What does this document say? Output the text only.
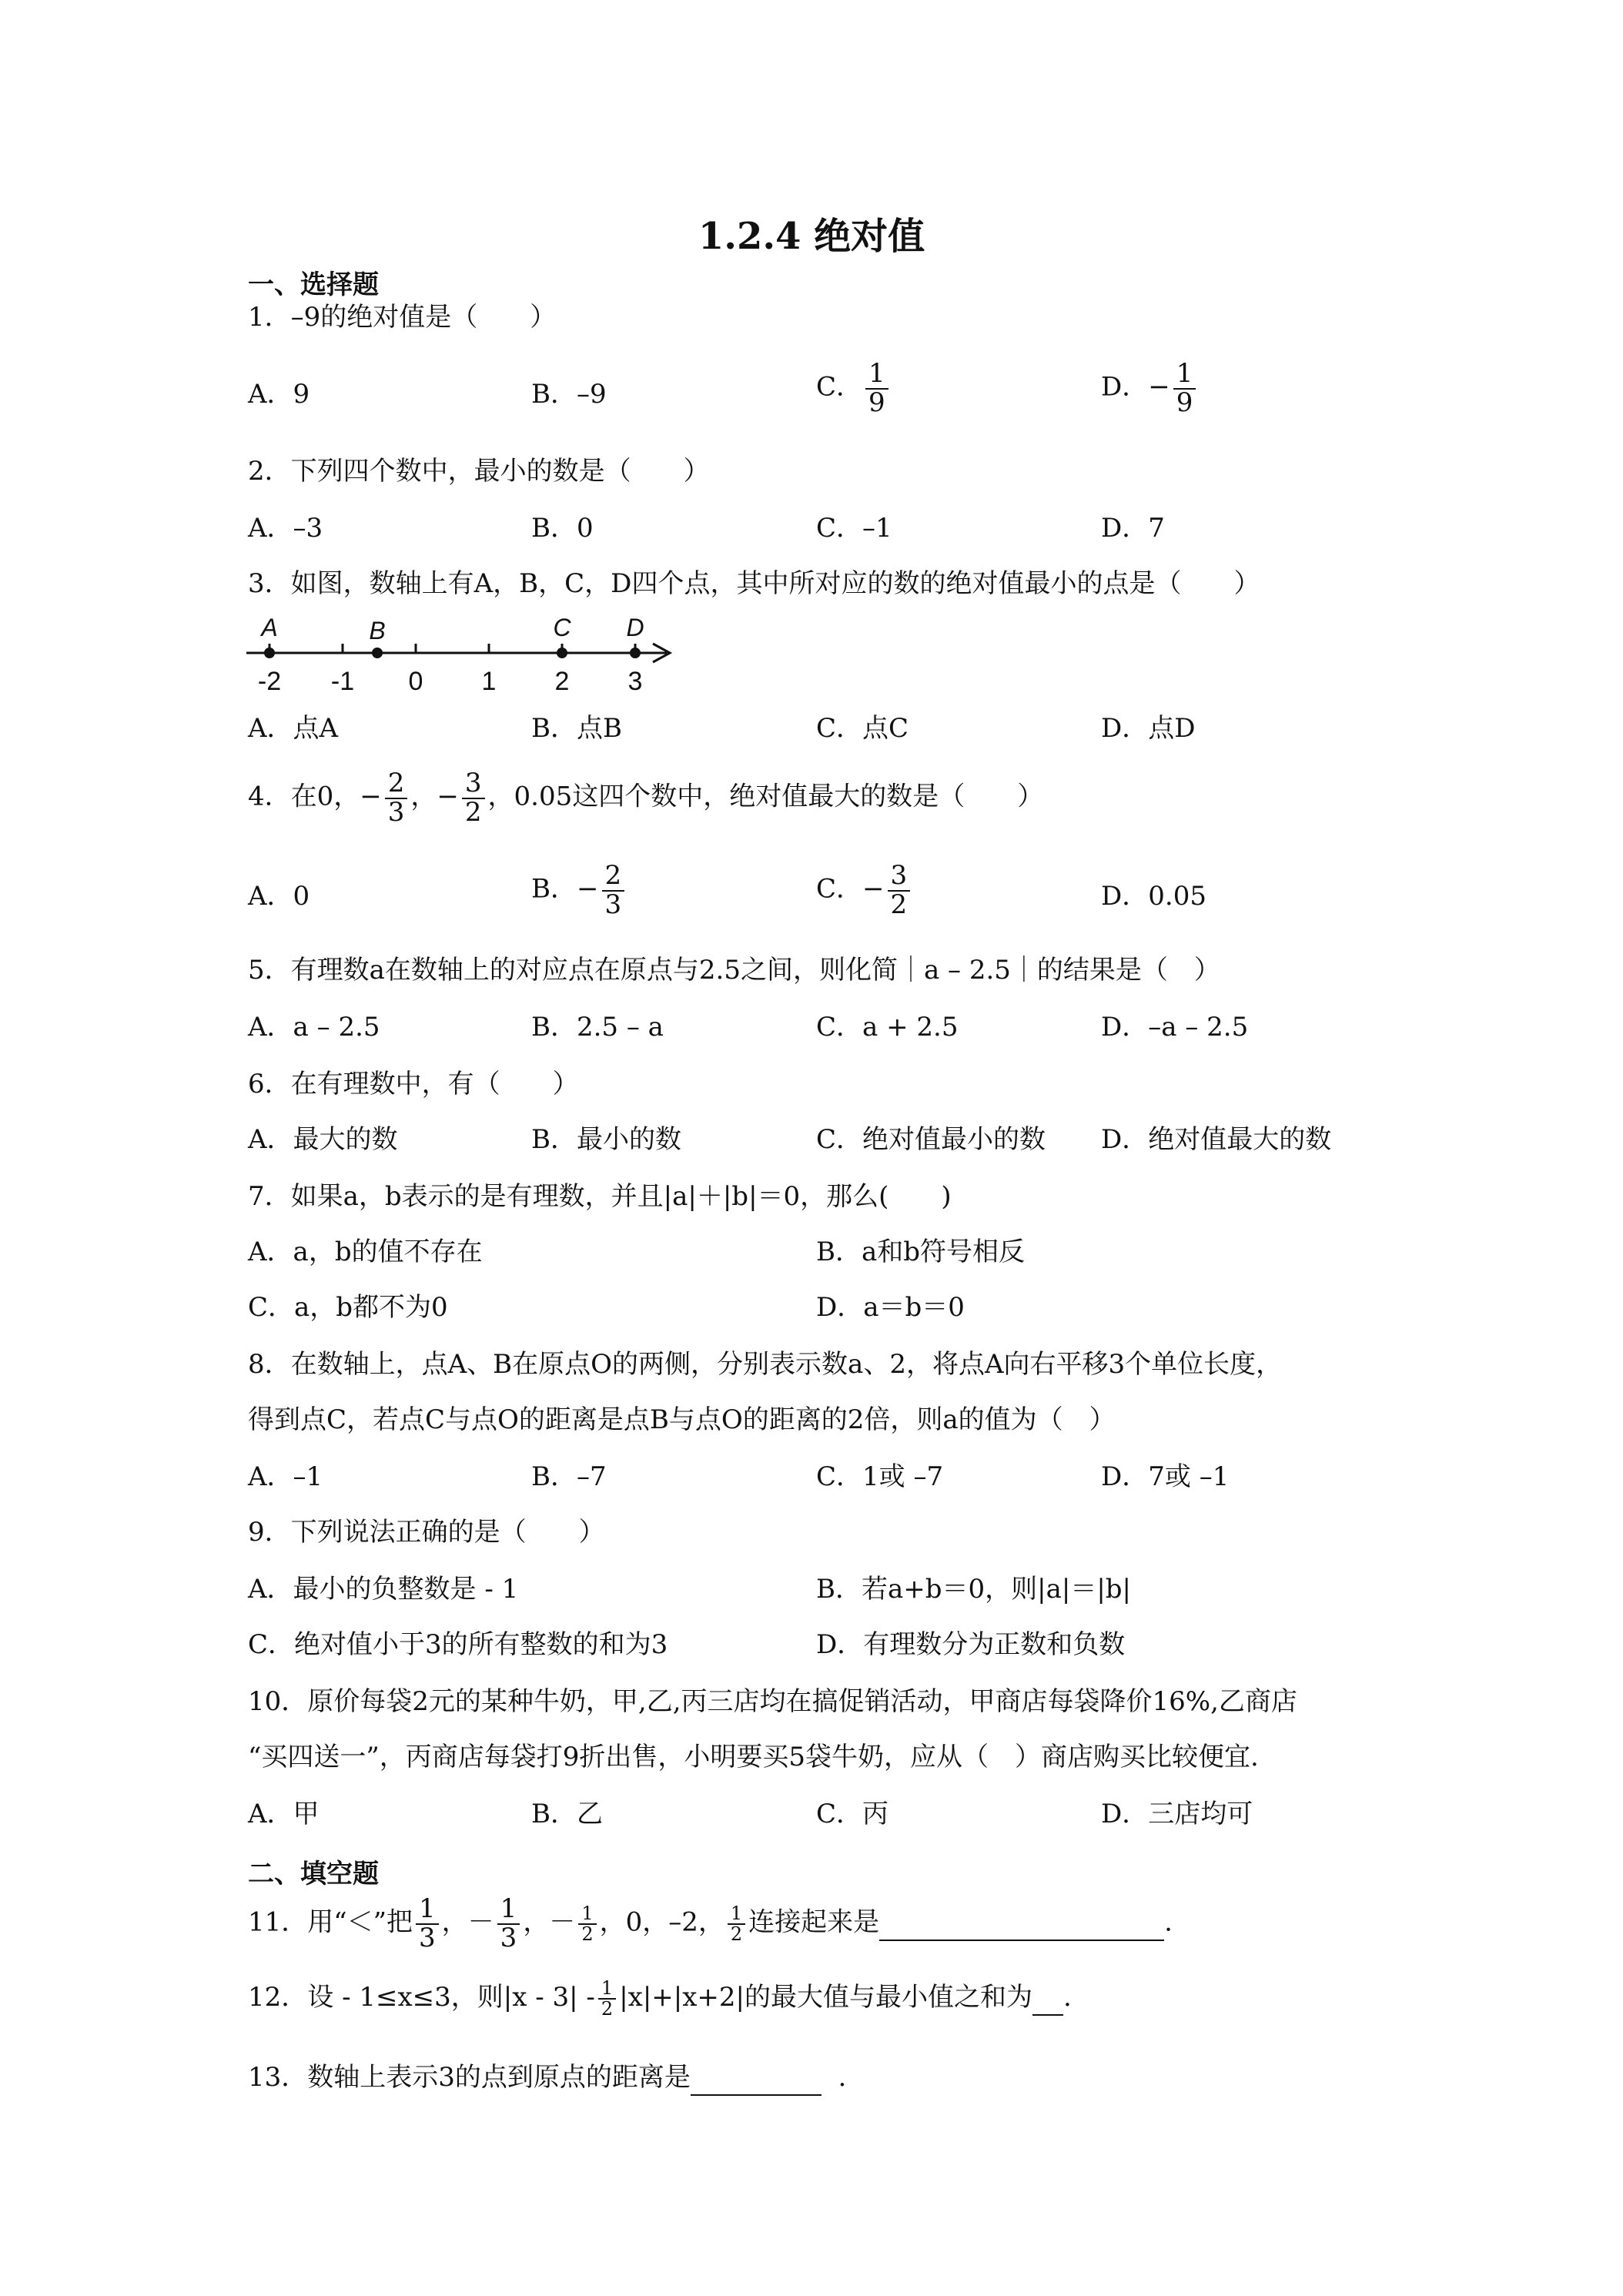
1.2.4 绝对值
一、选择题
1．–9的绝对值是（　　）
A．9	B．–9	C． $\frac{1}{9}$	D．− $\frac{1}{9}$
2．下列四个数中，最小的数是（　　）
A．–3	B．0	C．–1	D．7
3．如图，数轴上有A，B，C，D四个点，其中所对应的数的绝对值最小的点是（　　）
-2 -1 0 1 2 3
A	B	C D
A．点A	B．点B	C．点C	D．点D
4．在0，− $\frac{2}{3}$ ，− $\frac{3}{2}$ ，0.05这四个数中，绝对值最大的数是（　　）
A．0	B．− $\frac{2}{3}$	C．− $\frac{3}{2}$	D．0.05
5．有理数a在数轴上的对应点在原点与2.5之间，则化简｜a – 2.5｜的结果是（　）
A．a – 2.5	B．2.5 – a	C．a + 2.5	D．–a – 2.5
6．在有理数中，有（　　）
A．最大的数	B．最小的数	C．绝对值最小的数 D．绝对值最大的数
7．如果a，b表示的是有理数，并且|a|＋|b|＝0，那么(　　)
A．a，b的值不存在	B．a和b符号相反
C．a，b都不为0	D．a＝b＝0
8．在数轴上，点A、B在原点O的两侧，分别表示数a、2，将点A向右平移3个单位长度，
得到点C，若点C与点O的距离是点B与点O的距离的2倍，则a的值为（　）
A．–1	B．–7	C．1或 –7	D．7或 –1
9．下列说法正确的是（　　）
A．最小的负整数是 - 1	B．若a+b＝0，则|a|＝|b|
C．绝对值小于3的所有整数的和为3	D．有理数分为正数和负数
10．原价每袋2元的某种牛奶，甲,乙,丙三店均在搞促销活动，甲商店每袋降价16%,乙商店
“买四送一”，丙商店每袋打9折出售，小明要买5袋牛奶，应从（　）商店购买比较便宜.
A．甲	B．乙	C．丙	D．三店均可
二、填空题
11．用“＜”把 $\frac{1}{3}$ ，－ $\frac{1}{3}$ ，－ $\frac{1}{2}$ ，0，–2， $\frac{1}{2}$ 连接起来是	.
12．设 - 1≤x≤3，则$|x - 3| - \frac{1}{2} |x|+|x+2|$的最大值与最小值之和为 .
13．数轴上表示3的点到原点的距离是	.
